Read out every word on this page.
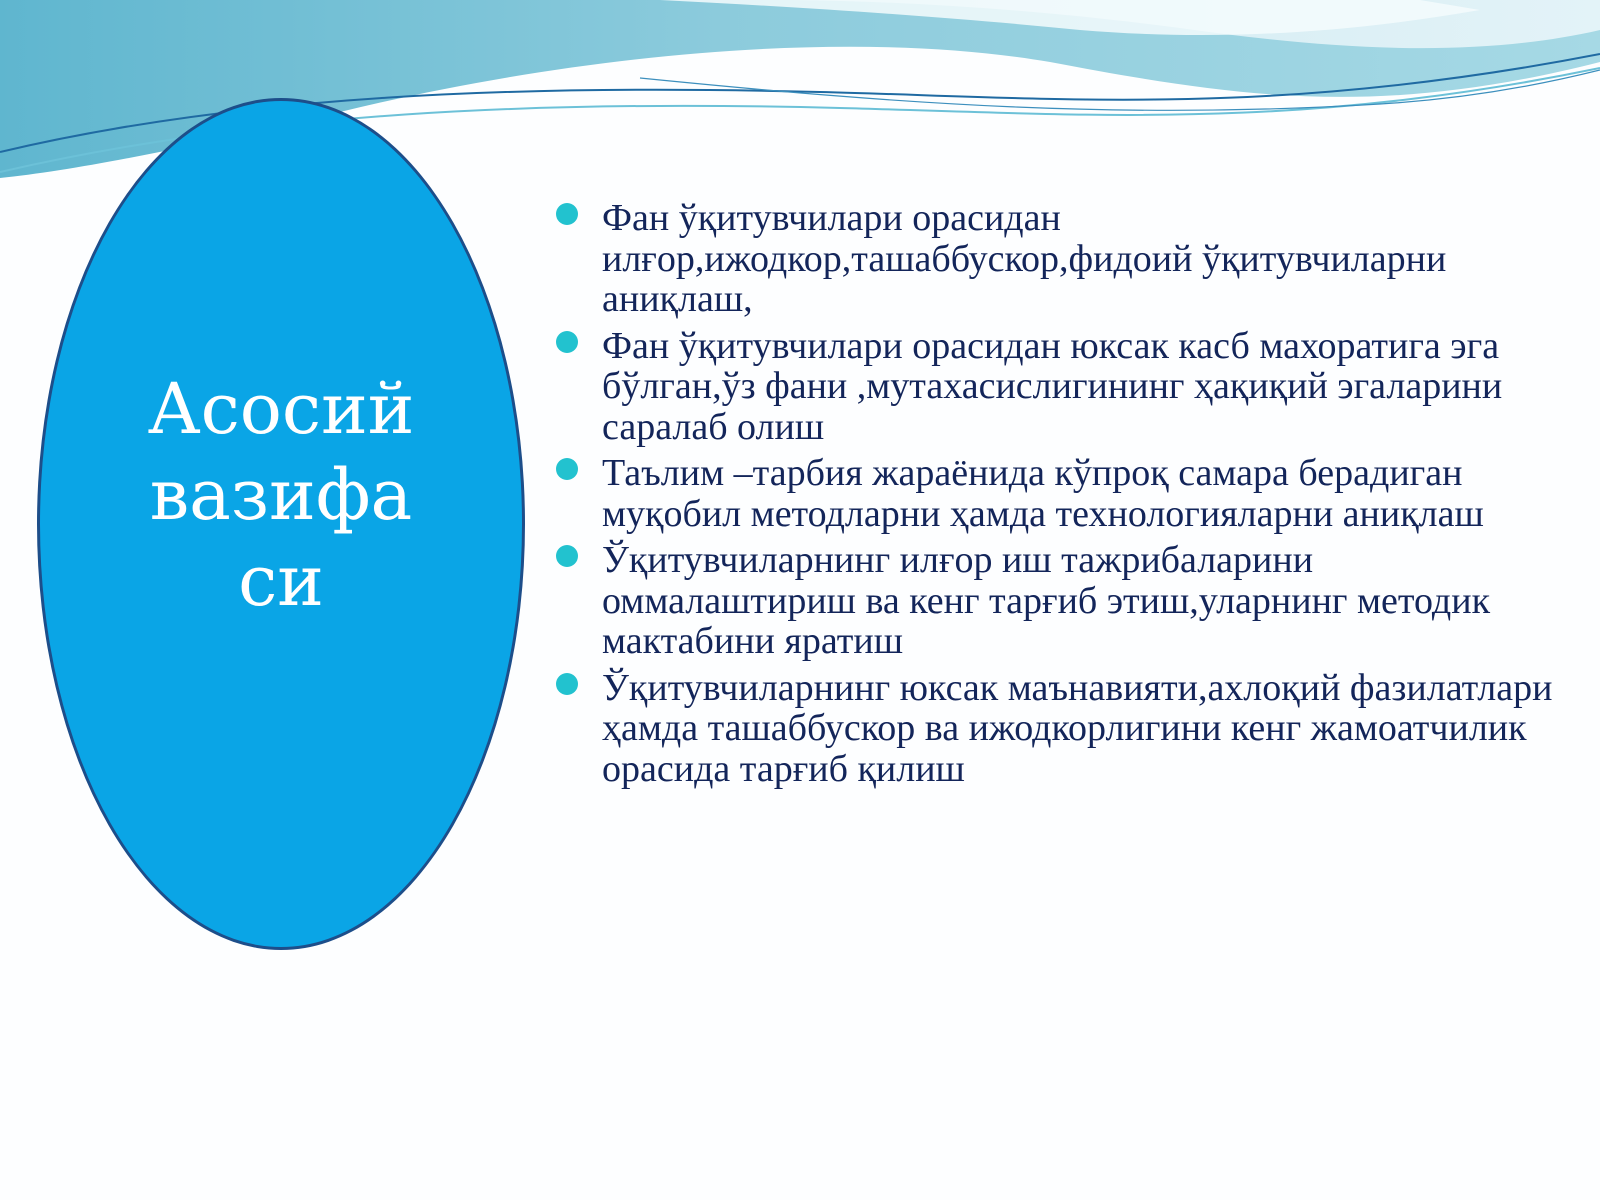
Асосий вазифаси
Фан ўқитувчилари орасидан илғор,ижодкор,ташаббускор,фидоий ўқитувчиларни аниқлаш,
Фан ўқитувчилари орасидан юксак касб махоратига эга бўлган,ўз фани ,мутахасислигининг ҳақиқий эгаларини саралаб олиш
Таълим –тарбия жараёнида кўпроқ самара берадиган муқобил методларни ҳамда технологияларни аниқлаш
Ўқитувчиларнинг илғор иш тажрибаларини оммалаштириш ва кенг тарғиб этиш,уларнинг методик мактабини яратиш
Ўқитувчиларнинг юксак маънавияти,ахлоқий фазилатлари ҳамда ташаббускор ва ижодкорлигини кенг жамоатчилик орасида тарғиб қилиш
